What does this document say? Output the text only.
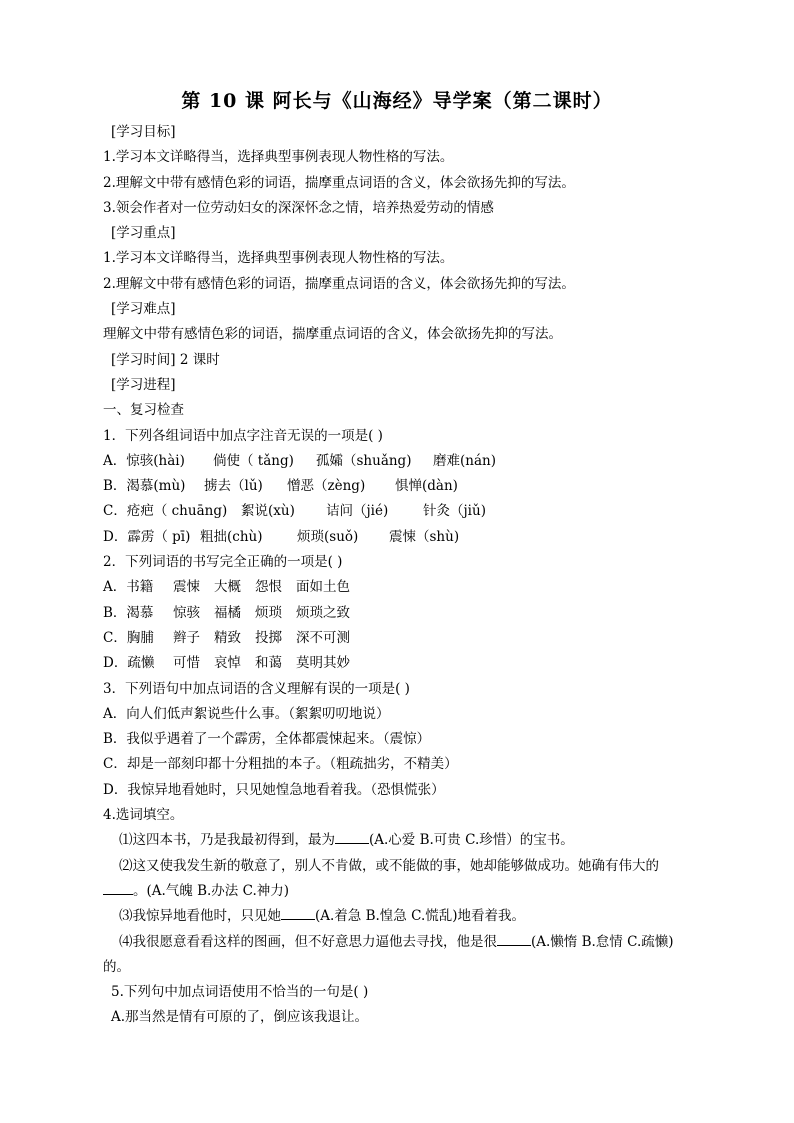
第 10 课 阿长与《山海经》导学案（第二课时）
[学习目标]
1.学习本文详略得当，选择典型事例表现人物性格的写法。
2.理解文中带有感情色彩的词语，揣摩重点词语的含义，体会欲扬先抑的写法。
3.领会作者对一位劳动妇女的深深怀念之情，培养热爱劳动的情感
[学习重点]
1.学习本文详略得当，选择典型事例表现人物性格的写法。
2.理解文中带有感情色彩的词语，揣摩重点词语的含义，体会欲扬先抑的写法。
[学习难点]
理解文中带有感情色彩的词语，揣摩重点词语的含义，体会欲扬先抑的写法。
[学习时间] 2 课时
[学习进程]
一、复习检查
1．下列各组词语中加点字注音无误的一项是( )
A．惊骇(hài) 倘使（ tǎng) 孤孀（shuǎng) 磨难(nán)
B．渴慕(mù) 掳去（lǔ) 憎恶（zèng) 惧惮(dàn)
C．疮疤（ chuāng) 絮说(xù) 诘问（jié)	针灸（jiǔ)
D．霹雳（ pī) 粗拙(chù)	烦琐(suǒ) 震悚（shù)
2．下列词语的书写完全正确的一项是( )
A．书籍 震悚 大概 怨恨 面如土色
B．渴慕 惊骇 福橘 烦琐 烦琐之致
C．胸脯 辫子 精致 投掷 深不可测
D．疏懒 可惜 哀悼 和蔼 莫明其妙
3．下列语句中加点词语的含义理解有误的一项是( )
A．向人们低声絮说些什么事。（絮絮叨叨地说）
B．我似乎遇着了一个霹雳，全体都震悚起来。（震惊）
C．却是一部刻印都十分粗拙的本子。（粗疏拙劣，不精美）
D．我惊异地看她时，只见她惶急地看着我。（恐惧慌张）
4.选词填空。
⑴这四本书，乃是我最初得到，最为	(A.心爱 B.可贵 C.珍惜）的宝书。
⑵这又使我发生新的敬意了，别人不肯做，或不能做的事，她却能够做成功。她确有伟大的
。(A.气魄 B.办法 C.神力)
⑶我惊异地看他时，只见她	(A.着急 B.惶急 C.慌乱)地看着我。
⑷我很愿意看看这样的图画，但不好意思力逼他去寻找，他是很	(A.懒惰 B.怠情 C.疏懒)
的。
5.下列句中加点词语使用不恰当的一句是( )
A.那当然是情有可原的了，倒应该我退让。
